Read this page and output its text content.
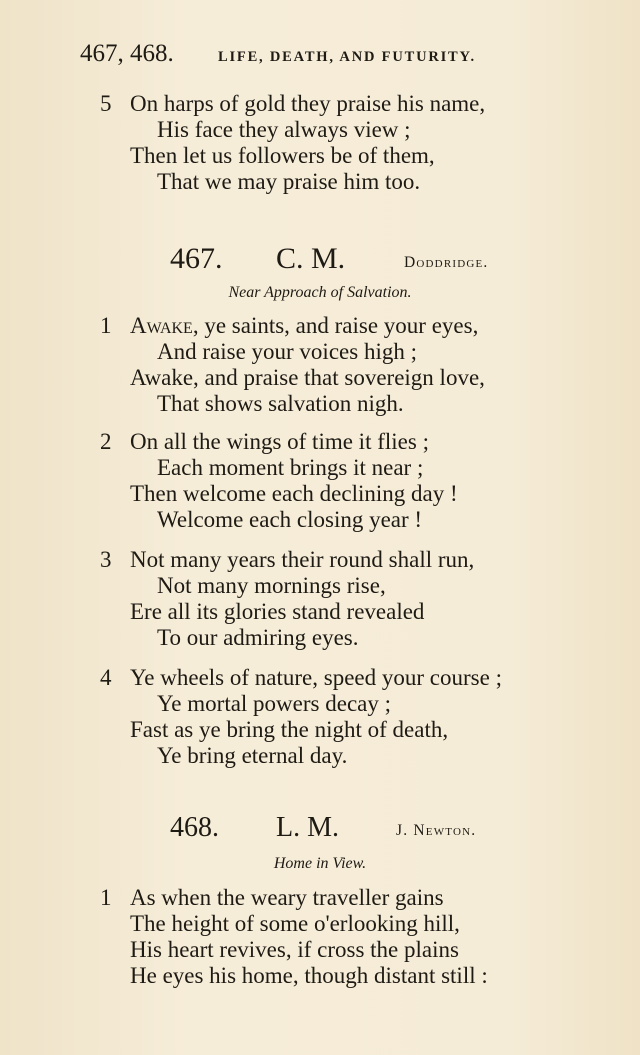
467, 468.	LIFE, DEATH, AND FUTURITY.
5 On harps of gold they praise his name,
His face they always view ;
Then let us followers be of them,
That we may praise him too.
467. C. M.	Doddridge.
Near Approach of Salvation.
1 Awake, ye saints, and raise your eyes,
And raise your voices high ;
Awake, and praise that sovereign love,
That shows salvation nigh.
2 On all the wings of time it flies ;
Each moment brings it near ;
Then welcome each declining day !
Welcome each closing year !
3 Not many years their round shall run,
Not many mornings rise,
Ere all its glories stand revealed
To our admiring eyes.
4 Ye wheels of nature, speed your course ;
Ye mortal powers decay ;
Fast as ye bring the night of death,
Ye bring eternal day.
468. L. M.	J. Newton.
Home in View.
1 As when the weary traveller gains
The height of some o'erlooking hill,
His heart revives, if cross the plains
He eyes his home, though distant still :
